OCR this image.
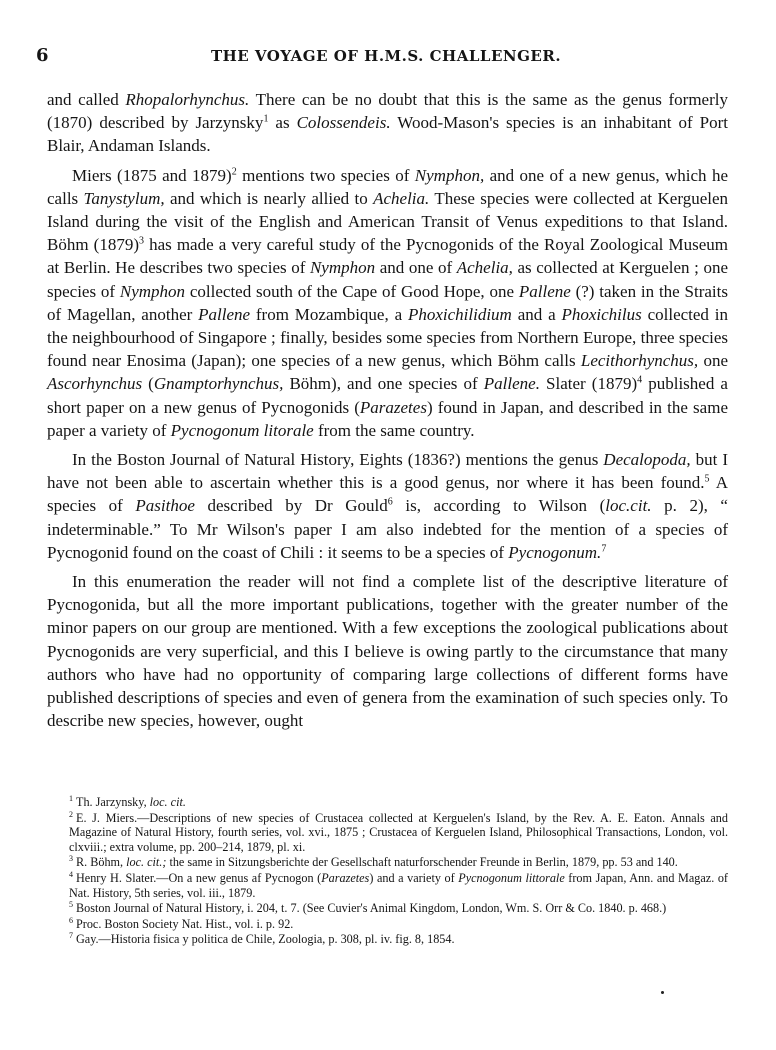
6	THE VOYAGE OF H.M.S. CHALLENGER.

and called Rhopalorhynchus. There can be no doubt that this is the same as the genus formerly (1870) described by Jarzynsky$^1$ as Colossendeis. Wood-Mason's species is an inhabitant of Port Blair, Andaman Islands.

Miers (1875 and 1879)$^2$ mentions two species of Nymphon, and one of a new genus, which he calls Tanystylum, and which is nearly allied to Achelia. These species were collected at Kerguelen Island during the visit of the English and American Transit of Venus expeditions to that Island. Böhm $(1879)^3$ has made a very careful study of the Pycnogonids of the Royal Zoological Museum at Berlin. He describes two species of Nymphon and one of Achelia, as collected at Kerguelen ; one species of Nymphon collected south of the Cape of Good Hope, one Pallene (?) taken in the Straits of Magellan, another Pallene from Mozambique, a Phoxichilidium and a Phoxichilus collected in the neighbourhood of Singapore ; finally, besides some species from Northern Europe, three species found near Enosima (Japan); one species of a new genus, which Böhm calls Lecithorhynchus, one Ascorhynchus (Gnamptorhynchus, Böhm), and one species of Pallene. Slater $(1879)^4$ published a short paper on a new genus of Pycnogonids (Parazetes) found in Japan, and described in the same paper a variety of Pycnogonum litorale from the same country.

In the Boston Journal of Natural History, Eights (1836?) mentions the genus Decalopoda, but I have not been able to ascertain whether this is a good genus, nor where it has been found.$^5$ A species of Pasithoe described by Dr Gould$^6$ is, according to Wilson (loc.cit. p. 2), “ indeterminable.” To Mr Wilson's paper I am also indebted for the mention of a species of Pycnogonid found on the coast of Chili : it seems to be a species of Pycnogonum.$^7$

In this enumeration the reader will not find a complete list of the descriptive literature of Pycnogonida, but all the more important publications, together with the greater number of the minor papers on our group are mentioned. With a few exceptions the zoological publications about Pycnogonids are very superficial, and this I believe is owing partly to the circumstance that many authors who have had no opportunity of comparing large collections of different forms have published descriptions of species and even of genera from the examination of such species only. To describe new species, however, ought

$^1$ Th. Jarzynsky, loc. cit.

$^2$ E. J. Miers.—Descriptions of new species of Crustacea collected at Kerguelen's Island, by the Rev. A. E. Eaton. Annals and Magazine of Natural History, fourth series, vol. xvi., 1875 ; Crustacea of Kerguelen Island, Philosophical Transactions, London, vol. clxviii.; extra volume, pp. 200–214, 1879, pl. xi.

$^3$ R. Böhm, loc. cit.; the same in Sitzungsberichte der Gesellschaft naturforschender Freunde in Berlin, 1879, pp. 53 and 140.

$^4$ Henry H. Slater.—On a new genus af Pycnogon (Parazetes) and a variety of Pycnogonum littorale from Japan, Ann. and Magaz. of Nat. History, 5th series, vol. iii., 1879.

$^5$ Boston Journal of Natural History, i. 204, t. 7. (See Cuvier's Animal Kingdom, London, Wm. S. Orr & Co. 1840. p. 468.)

$^6$ Proc. Boston Society Nat. Hist., vol. i. p. 92.

$^7$ Gay.—Historia fisica y politica de Chile, Zoologia, p. 308, pl. iv. fig. 8, 1854.
